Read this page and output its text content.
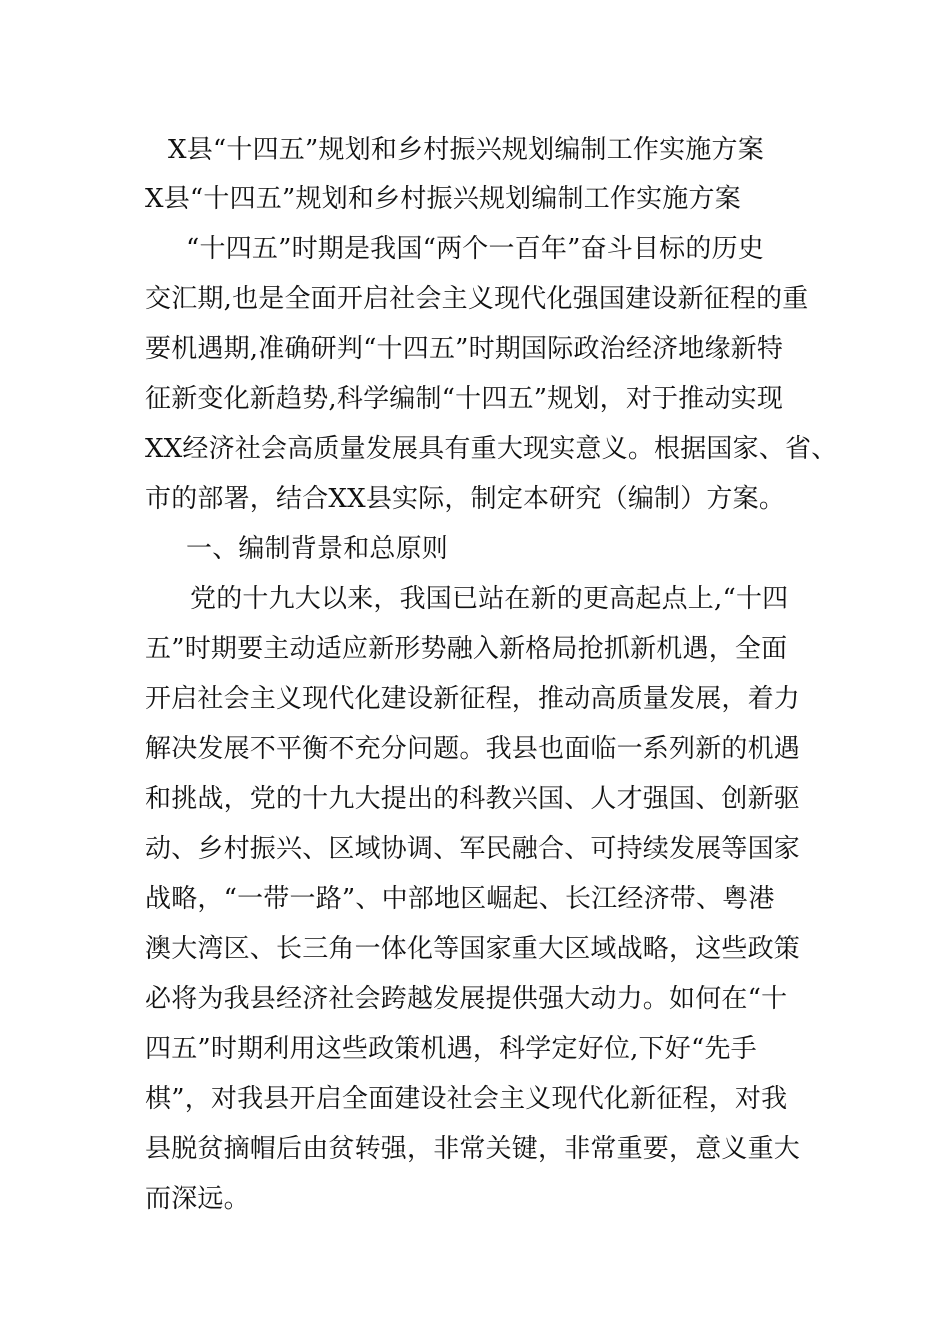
X县“十四五”规划和乡村振兴规划编制工作实施方案
X县“十四五”规划和乡村振兴规划编制工作实施方案
“十四五”时期是我国“两个一百年”奋斗目标的历史
交汇期,也是全面开启社会主义现代化强国建设新征程的重
要机遇期,准确研判“十四五”时期国际政治经济地缘新特
征新变化新趋势,科学编制“十四五”规划，对于推动实现
XX经济社会高质量发展具有重大现实意义。根据国家、省、
市的部署，结合XX县实际，制定本研究（编制）方案。
一、编制背景和总原则
党的十九大以来，我国已站在新的更高起点上,“十四
五”时期要主动适应新形势融入新格局抢抓新机遇，全面
开启社会主义现代化建设新征程，推动高质量发展，着力
解决发展不平衡不充分问题。我县也面临一系列新的机遇
和挑战，党的十九大提出的科教兴国、人才强国、创新驱
动、乡村振兴、区域协调、军民融合、可持续发展等国家
战略，“一带一路”、中部地区崛起、长江经济带、粤港
澳大湾区、长三角一体化等国家重大区域战略，这些政策
必将为我县经济社会跨越发展提供强大动力。如何在“十
四五”时期利用这些政策机遇，科学定好位,下好“先手
棋”，对我县开启全面建设社会主义现代化新征程，对我
县脱贫摘帽后由贫转强，非常关键，非常重要，意义重大
而深远。
